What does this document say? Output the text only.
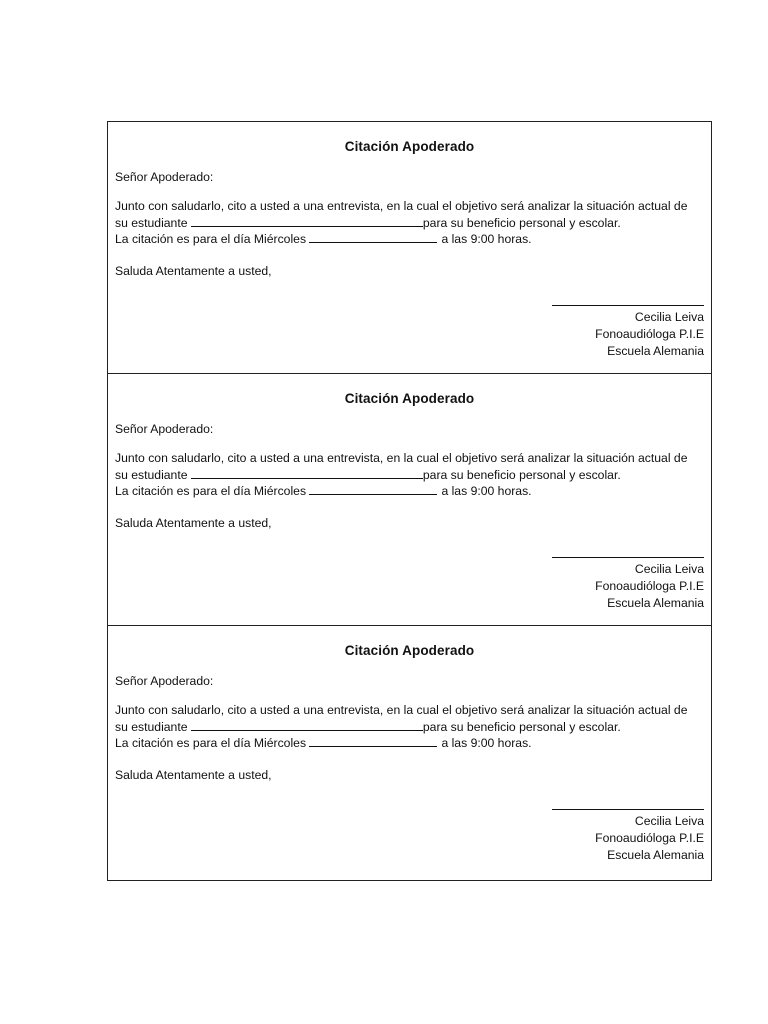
Citación Apoderado
Señor Apoderado:

Junto con saludarlo, cito a usted a una entrevista, en la cual el objetivo será analizar la situación actual de

su estudiante	para su beneficio personal y escolar.

La citación es para el día Miércoles	a las 9:00 horas.

Saluda Atentamente a usted,
Cecilia Leiva
Fonoaudióloga P.I.E
Escuela Alemania
Citación Apoderado
Señor Apoderado:

Junto con saludarlo, cito a usted a una entrevista, en la cual el objetivo será analizar la situación actual de

su estudiante	para su beneficio personal y escolar.

La citación es para el día Miércoles	a las 9:00 horas.

Saluda Atentamente a usted,
Cecilia Leiva
Fonoaudióloga P.I.E
Escuela Alemania
Citación Apoderado
Señor Apoderado:

Junto con saludarlo, cito a usted a una entrevista, en la cual el objetivo será analizar la situación actual de

su estudiante	para su beneficio personal y escolar.

La citación es para el día Miércoles	a las 9:00 horas.

Saluda Atentamente a usted,
Cecilia Leiva
Fonoaudióloga P.I.E
Escuela Alemania
